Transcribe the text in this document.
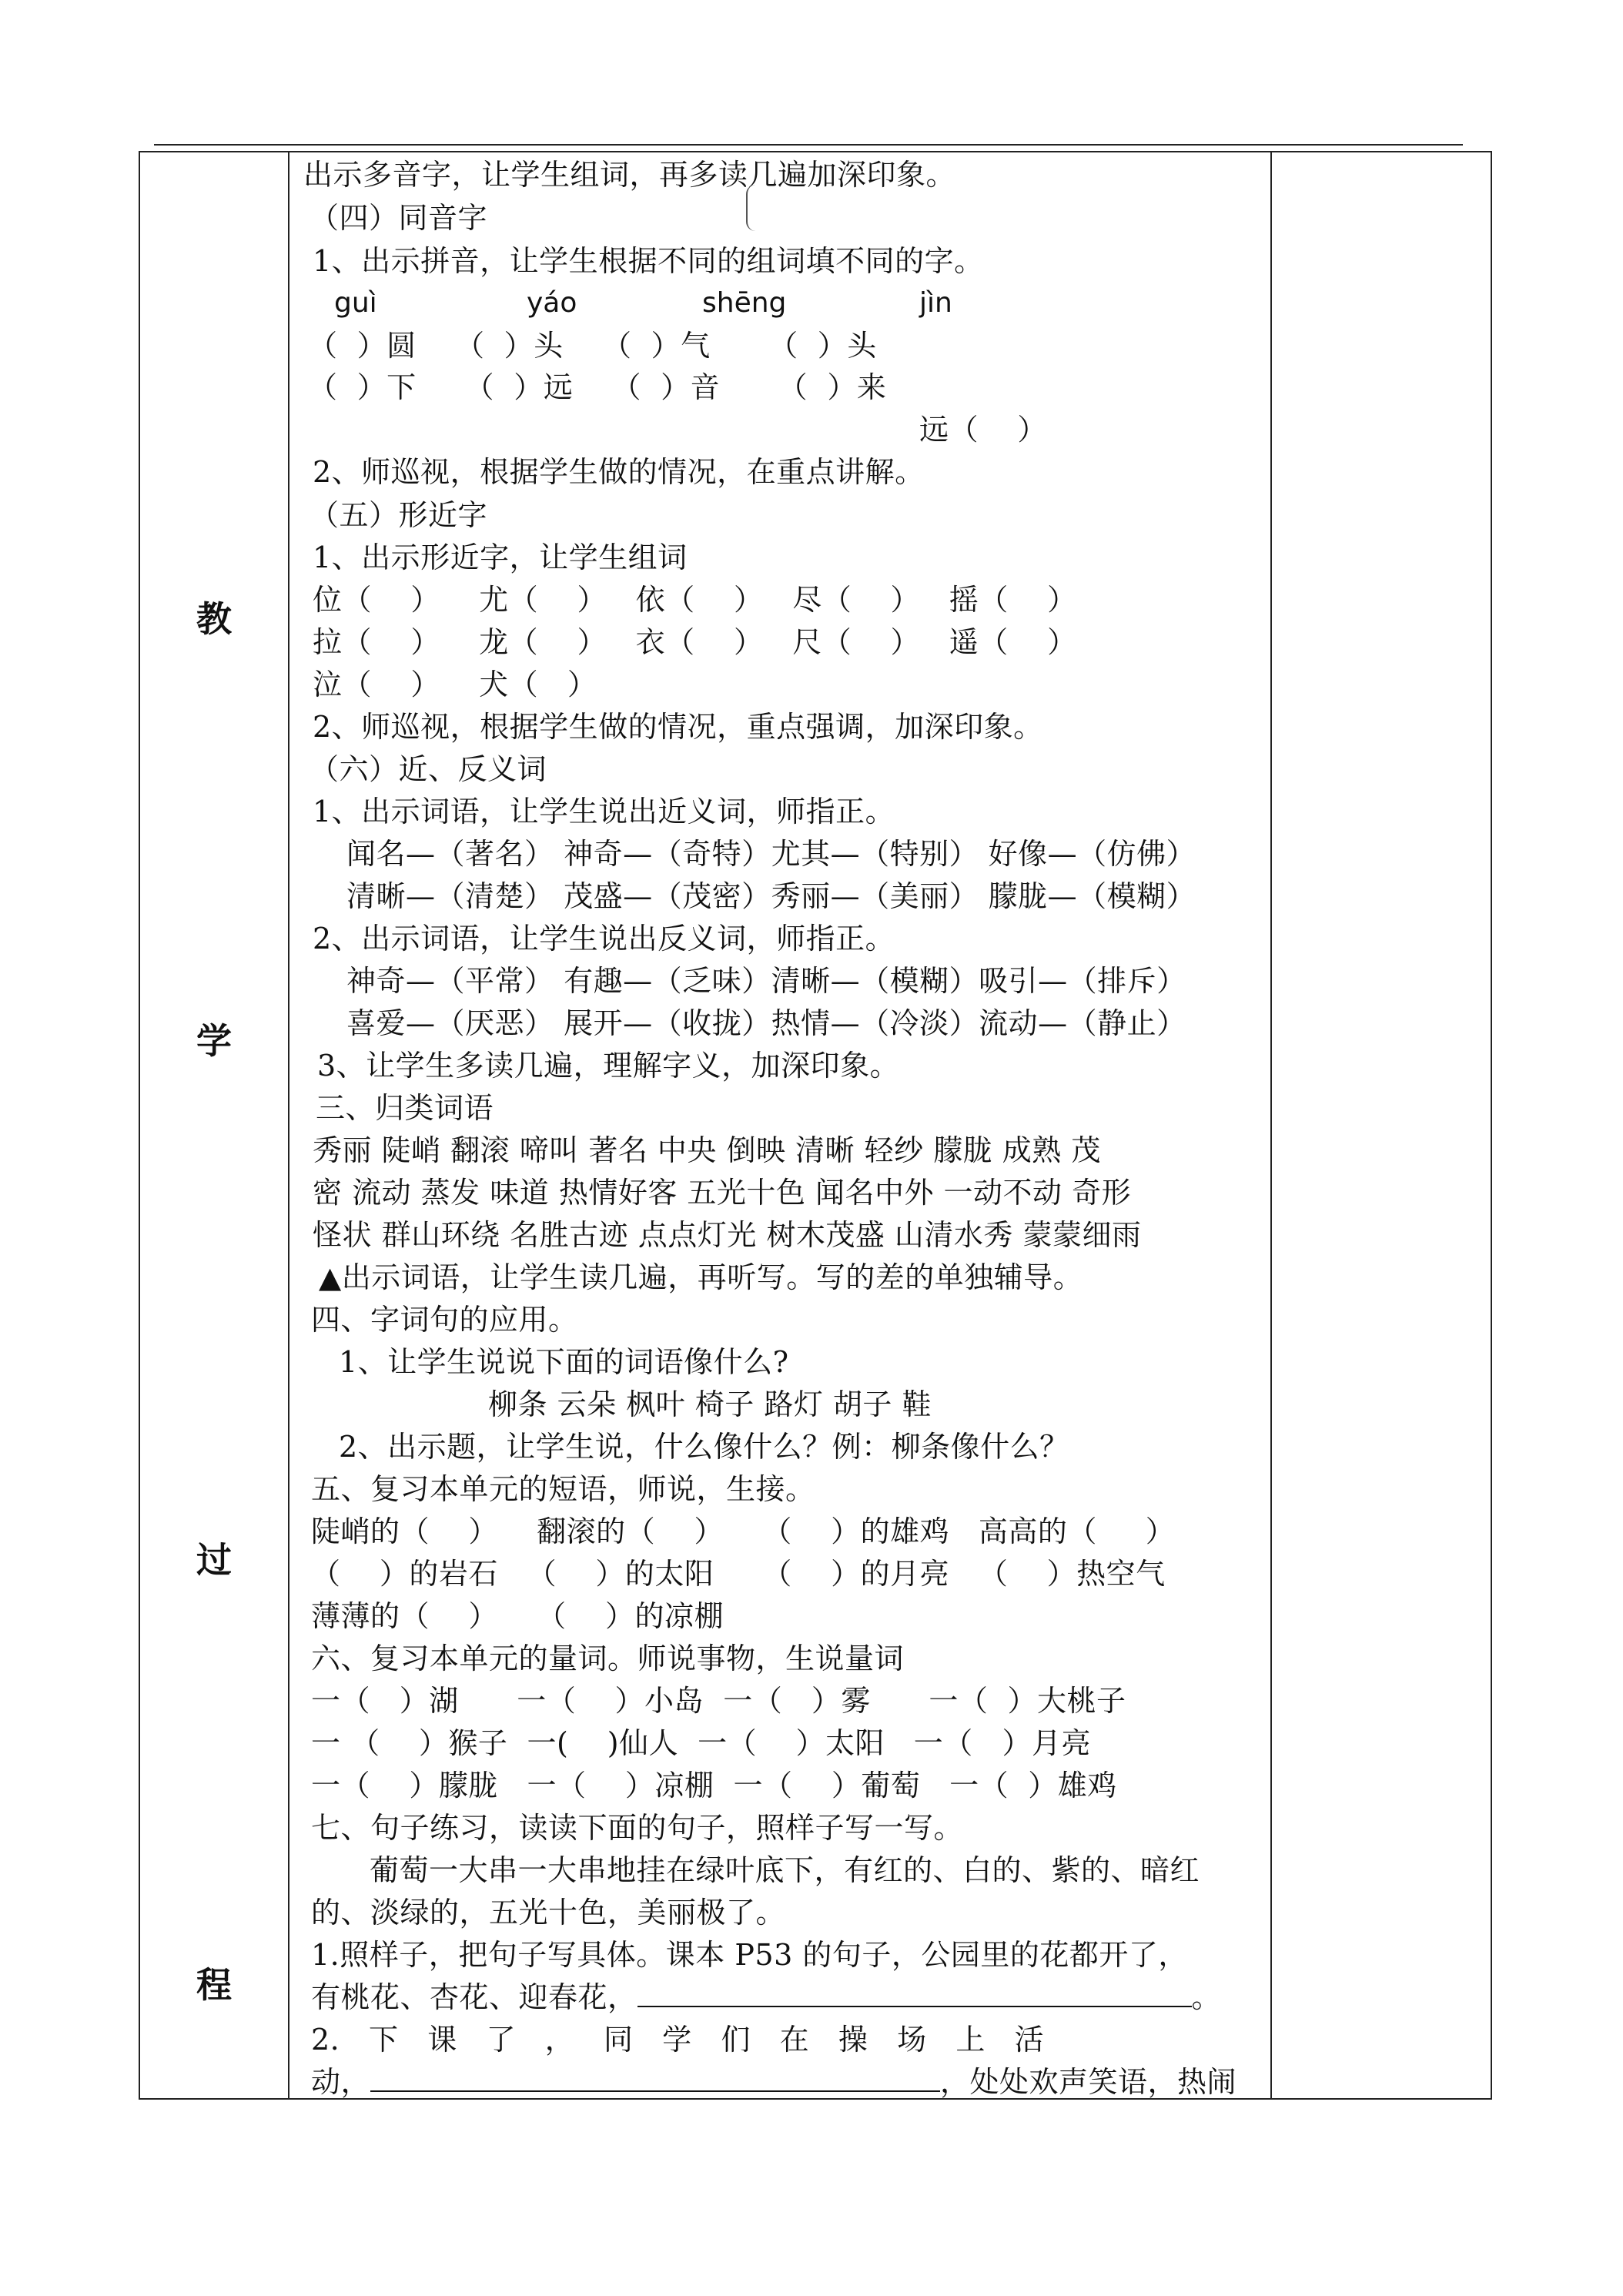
教
学
过
程
出示多音字，让学生组词，再多读几遍加深印象。
（四）同音字
1、出示拼音，让学生根据不同的组词填不同的字。
guì	yáo	shēng	jìn
（  ）圆    （  ）头    （  ）气      （  ）头
（  ）下     （  ）远    （  ）音      （  ）来
远（    ）
2、师巡视，根据学生做的情况，在重点讲解。
（五）形近字
1、出示形近字，让学生组词
位（    ）    尤（    ）   依（    ）   尽（    ）   摇（    ）
拉（    ）    龙（    ）   衣（    ）   尺（    ）   遥（    ）
泣（    ）    犬（   ）
2、师巡视，根据学生做的情况，重点强调，加深印象。
（六）近、反义词
1、出示词语，让学生说出近义词，师指正。
闻名—（著名） 神奇—（奇特）尤其—（特别） 好像—（仿佛）
清晰—（清楚） 茂盛—（茂密）秀丽—（美丽） 朦胧—（模糊）
2、出示词语，让学生说出反义词，师指正。
神奇—（平常） 有趣—（乏味）清晰—（模糊）吸引—（排斥）
喜爱—（厌恶） 展开—（收拢）热情—（冷淡）流动—（静止）
3、让学生多读几遍，理解字义，加深印象。
三、归类词语
秀丽 陡峭 翻滚 啼叫 著名 中央 倒映 清晰 轻纱 朦胧 成熟 茂
密 流动 蒸发 味道 热情好客 五光十色 闻名中外 一动不动 奇形
怪状 群山环绕 名胜古迹 点点灯光 树木茂盛 山清水秀 蒙蒙细雨
▲出示词语，让学生读几遍，再听写。写的差的单独辅导。
四、字词句的应用。
1、让学生说说下面的词语像什么?
柳条 云朵 枫叶 椅子 路灯 胡子 鞋
2、出示题，让学生说，什么像什么？例：柳条像什么？
五、复习本单元的短语，师说，生接。
陡峭的（    ）    翻滚的（    ）    （    ）的雄鸡   高高的（     ）
（    ）的岩石   （    ）的太阳     （    ）的月亮   （    ）热空气
薄薄的（    ）    （    ）的凉棚
六、复习本单元的量词。师说事物，生说量词
一（   ）湖      一（    ）小岛  一（   ）雾      一（  ）大桃子
一 （    ）猴子  一(    )仙人  一（    ）太阳   一（   ）月亮
一（    ）朦胧   一（    ）凉棚  一（    ）葡萄   一（  ）雄鸡
七、句子练习，读读下面的句子，照样子写一写。
葡萄一大串一大串地挂在绿叶底下，有红的、白的、紫的、暗红
的、淡绿的，五光十色，美丽极了。
1.照样子，把句子写具体。课本 P53 的句子，公园里的花都开了，
有桃花、杏花、迎春花，	。
2.   下   课   了   ，   同   学   们   在   操   场   上   活
动，	，处处欢声笑语，热闹
